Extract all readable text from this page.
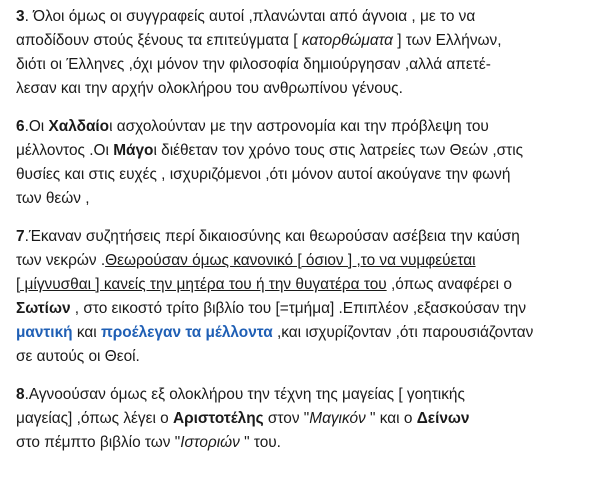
3. Όλοι όμως οι συγγραφείς αυτοί ,πλανώνται από άγνοια , με το να
αποδίδουν στούς ξένους τα επιτεύγματα [ κατορθώματα ] των Ελλήνων,
διότι οι Έλληνες ,όχι μόνον την φιλοσοφία δημιούργησαν ,αλλά απετέ-
λεσαν και την αρχήν ολοκλήρου του ανθρωπίνου γένους.

6.Οι Χαλδαίοι ασχολούνταν με την αστρονομία και την πρόβλεψη του
μέλλοντος .Οι Μάγοι διέθεταν τον χρόνο τους στις λατρείες των Θεών ,στις
θυσίες και στις ευχές , ισχυριζόμενοι ,ότι μόνον αυτοί ακούγανε την φωνή
των θεών ,

7.Έκαναν συζητήσεις περί δικαιοσύνης και θεωρούσαν ασέβεια την καύση
των νεκρών .Θεωρούσαν όμως κανονικό [ όσιον ] ,το να νυμφεύεται
[ μίγνυσθαι ] κανείς την μητέρα του ή την θυγατέρα του ,όπως αναφέρει ο
Σωτίων , στο εικοστό τρίτο βιβλίο του [=τμήμα] .Επιπλέον ,εξασκούσαν την
μαντική και προέλεγαν τα μέλλοντα ,και ισχυρίζονταν ,ότι παρουσιάζονταν
σε αυτούς οι Θεοί.

8.Αγνοούσαν όμως εξ ολοκλήρου την τέχνη της μαγείας [ γοητικής
μαγείας] ,όπως λέγει ο Αριστοτέλης στον "Μαγικόν " και ο Δείνων
στο πέμπτο βιβλίο των "Ιστοριών " του.
